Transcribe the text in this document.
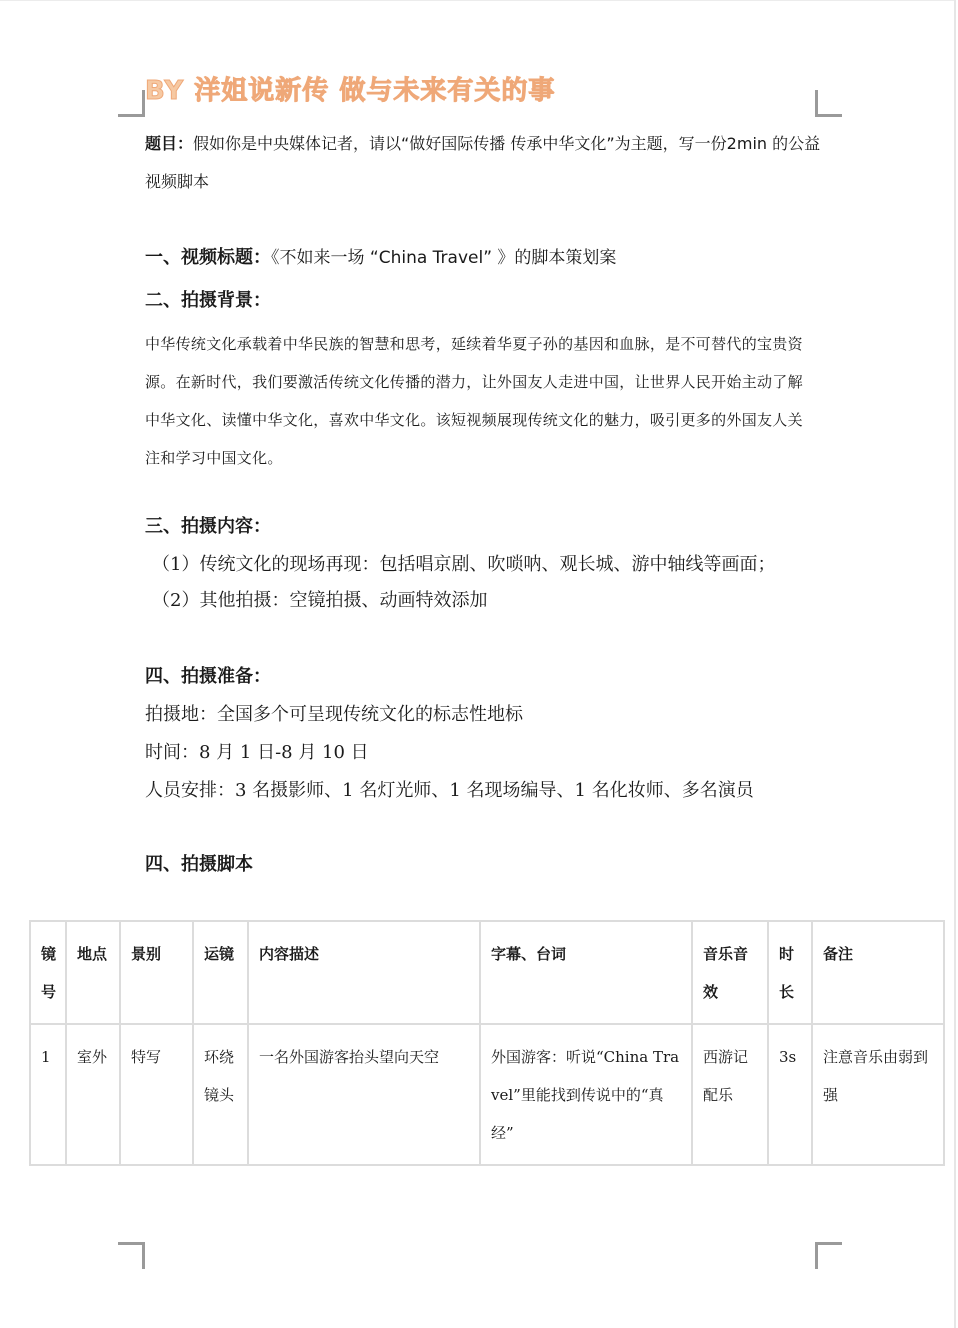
BY 洋姐说新传 做与未来有关的事
题目：假如你是中央媒体记者，请以“做好国际传播 传承中华文化”为主题，写一份2min 的公益视频脚本
一、视频标题：《不如来一场 “China Travel” 》的脚本策划案
二、拍摄背景：
中华传统文化承载着中华民族的智慧和思考，延续着华夏子孙的基因和血脉，是不可替代的宝贵资源。在新时代，我们要激活传统文化传播的潜力，让外国友人走进中国，让世界人民开始主动了解中华文化、读懂中华文化，喜欢中华文化。该短视频展现传统文化的魅力，吸引更多的外国友人关注和学习中国文化。
三、拍摄内容：
（1）传统文化的现场再现：包括唱京剧、吹唢呐、观长城、游中轴线等画面；
（2）其他拍摄：空镜拍摄、动画特效添加
四、拍摄准备：
拍摄地：全国多个可呈现传统文化的标志性地标
时间：8 月 1 日-8 月 10 日
人员安排：3 名摄影师、1 名灯光师、1 名现场编导、1 名化妆师、多名演员
四、拍摄脚本
镜号	地点	景别	运镜	内容描述	字幕、台词	音乐音效	时长	备注
1	室外	特写	环绕镜头	一名外国游客抬头望向天空	外国游客：听说“China Travel”里能找到传说中的“真经”	西游记配乐	3s	注意音乐由弱到强
